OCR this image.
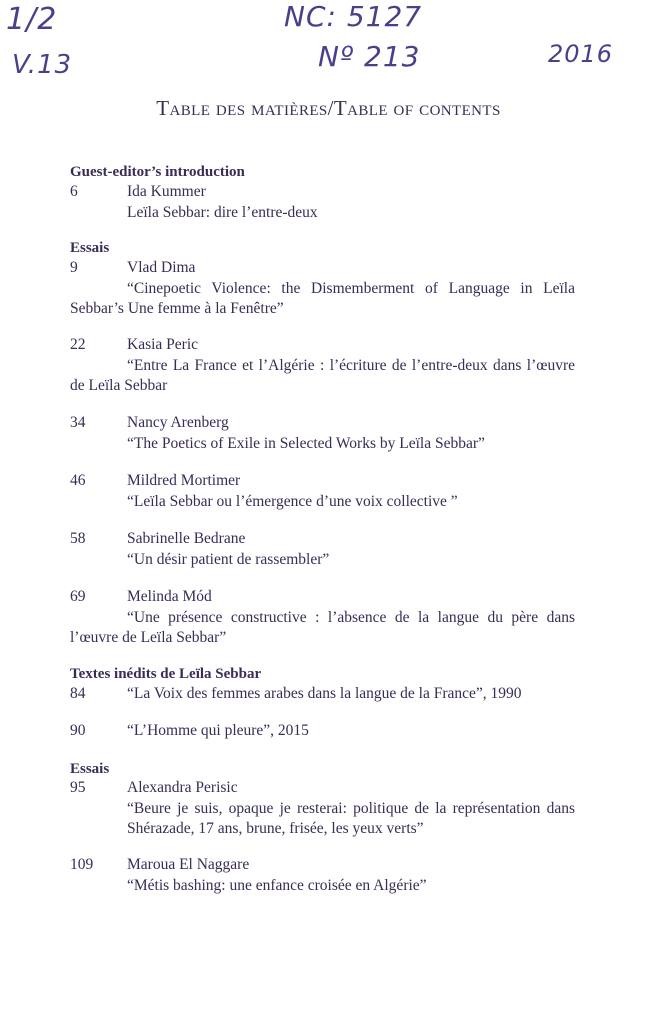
1/2
V.13
NC: 5127
Nº 213	2016
Table des matières/Table of contents
Guest-editor’s introduction
6	Ida Kummer
Leïla Sebbar: dire l’entre-deux
Essais
9	Vlad Dima
“Cinepoetic Violence: the Dismemberment of Language in Leïla Sebbar’s Une femme à la Fenêtre”
22	Kasia Peric
“Entre La France et l’Algérie : l’écriture de l’entre-deux dans l’œuvre de Leïla Sebbar
34	Nancy Arenberg
“The Poetics of Exile in Selected Works by Leïla Sebbar”
46	Mildred Mortimer
“Leïla Sebbar ou l’émergence d’une voix collective ”
58	Sabrinelle Bedrane
“Un désir patient de rassembler”
69	Melinda Mód
“Une présence constructive : l’absence de la langue du père dans l’œuvre de Leïla Sebbar”
Textes inédits de Leïla Sebbar
84	“La Voix des femmes arabes dans la langue de la France”, 1990
90	“L’Homme qui pleure”, 2015
Essais
95	Alexandra Perisic
“Beure je suis, opaque je resterai: politique de la représentation dans Shérazade, 17 ans, brune, frisée, les yeux verts”
109	Maroua El Naggare
“Métis bashing: une enfance croisée en Algérie”
